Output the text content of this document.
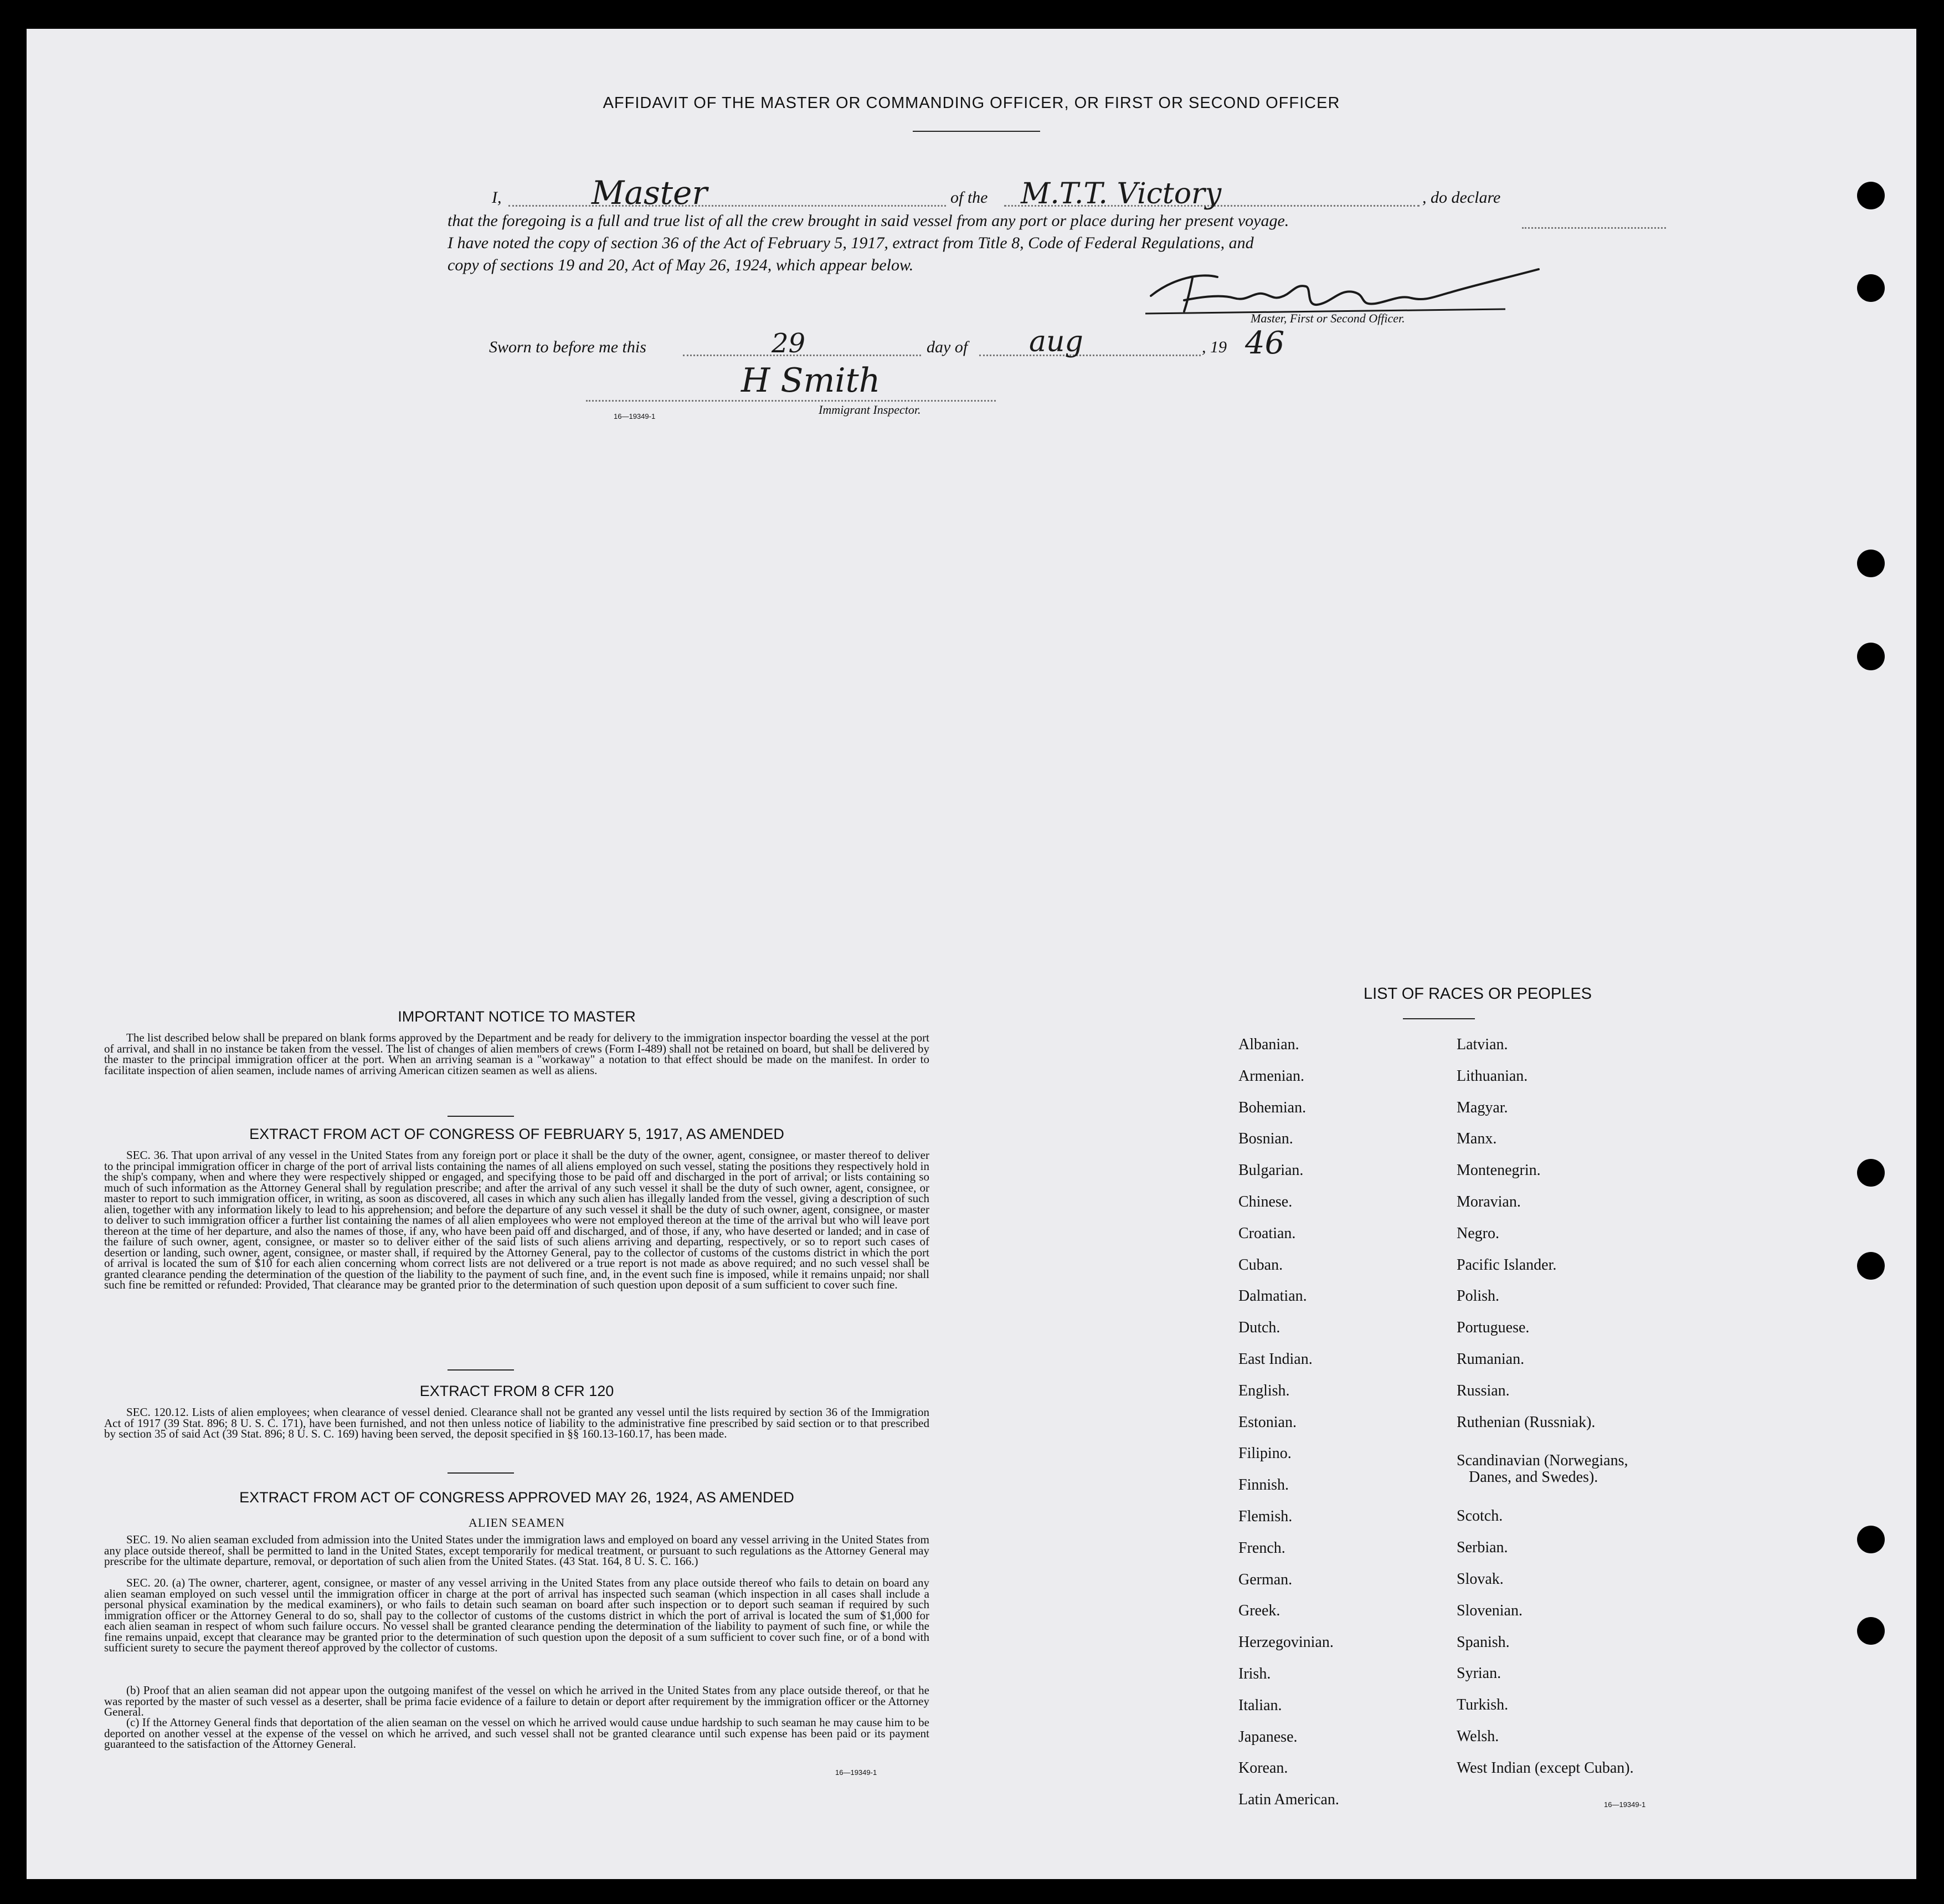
AFFIDAVIT OF THE MASTER OR COMMANDING OFFICER, OR FIRST OR SECOND OFFICER
I,	Master	of the M.T.T. Victory	, do declare
that the foregoing is a full and true list of all the crew brought in said vessel from any port or place during her present voyage.
I have noted the copy of section 36 of the Act of February 5, 1917, extract from Title 8, Code of Federal Regulations, and
copy of sections 19 and 20, Act of May 26, 1924, which appear below.
Master, First or Second Officer.
Sworn to before me this	29	day of aug	, 19 46
H Smith
Immigrant Inspector.
16—19349-1
IMPORTANT NOTICE TO MASTER
The list described below shall be prepared on blank forms approved by the Department and be ready for delivery to the immigration inspector boarding the vessel at the port of arrival, and shall in no instance be taken from the vessel. The list of changes of alien members of crews (Form I-489) shall not be retained on board, but shall be delivered by the master to the principal immigration officer at the port. When an arriving seaman is a "workaway" a notation to that effect should be made on the manifest. In order to facilitate inspection of alien seamen, include names of arriving American citizen seamen as well as aliens.
EXTRACT FROM ACT OF CONGRESS OF FEBRUARY 5, 1917, AS AMENDED
SEC. 36. That upon arrival of any vessel in the United States from any foreign port or place it shall be the duty of the owner, agent, consignee, or master thereof to deliver to the principal immigration officer in charge of the port of arrival lists containing the names of all aliens employed on such vessel, stating the positions they respectively hold in the ship's company, when and where they were respectively shipped or engaged, and specifying those to be paid off and discharged in the port of arrival; or lists containing so much of such information as the Attorney General shall by regulation prescribe; and after the arrival of any such vessel it shall be the duty of such owner, agent, consignee, or master to report to such immigration officer, in writing, as soon as discovered, all cases in which any such alien has illegally landed from the vessel, giving a description of such alien, together with any information likely to lead to his apprehension; and before the departure of any such vessel it shall be the duty of such owner, agent, consignee, or master to deliver to such immigration officer a further list containing the names of all alien employees who were not employed thereon at the time of the arrival but who will leave port thereon at the time of her departure, and also the names of those, if any, who have been paid off and discharged, and of those, if any, who have deserted or landed; and in case of the failure of such owner, agent, consignee, or master so to deliver either of the said lists of such aliens arriving and departing, respectively, or so to report such cases of desertion or landing, such owner, agent, consignee, or master shall, if required by the Attorney General, pay to the collector of customs of the customs district in which the port of arrival is located the sum of $10 for each alien concerning whom correct lists are not delivered or a true report is not made as above required; and no such vessel shall be granted clearance pending the determination of the question of the liability to the payment of such fine, and, in the event such fine is imposed, while it remains unpaid; nor shall such fine be remitted or refunded: Provided, That clearance may be granted prior to the determination of such question upon deposit of a sum sufficient to cover such fine.
EXTRACT FROM 8 CFR 120
SEC. 120.12. Lists of alien employees; when clearance of vessel denied. Clearance shall not be granted any vessel until the lists required by section 36 of the Immigration Act of 1917 (39 Stat. 896; 8 U. S. C. 171), have been furnished, and not then unless notice of liability to the administrative fine prescribed by said section or to that prescribed by section 35 of said Act (39 Stat. 896; 8 U. S. C. 169) having been served, the deposit specified in §§ 160.13-160.17, has been made.
EXTRACT FROM ACT OF CONGRESS APPROVED MAY 26, 1924, AS AMENDED
ALIEN SEAMEN
SEC. 19. No alien seaman excluded from admission into the United States under the immigration laws and employed on board any vessel arriving in the United States from any place outside thereof, shall be permitted to land in the United States, except temporarily for medical treatment, or pursuant to such regulations as the Attorney General may prescribe for the ultimate departure, removal, or deportation of such alien from the United States. (43 Stat. 164, 8 U. S. C. 166.)
SEC. 20. (a) The owner, charterer, agent, consignee, or master of any vessel arriving in the United States from any place outside thereof who fails to detain on board any alien seaman employed on such vessel until the immigration officer in charge at the port of arrival has inspected such seaman (which inspection in all cases shall include a personal physical examination by the medical examiners), or who fails to detain such seaman on board after such inspection or to deport such seaman if required by such immigration officer or the Attorney General to do so, shall pay to the collector of customs of the customs district in which the port of arrival is located the sum of $1,000 for each alien seaman in respect of whom such failure occurs. No vessel shall be granted clearance pending the determination of the liability to payment of such fine, or while the fine remains unpaid, except that clearance may be granted prior to the determination of such question upon the deposit of a sum sufficient to cover such fine, or of a bond with sufficient surety to secure the payment thereof approved by the collector of customs.
(b) Proof that an alien seaman did not appear upon the outgoing manifest of the vessel on which he arrived in the United States from any place outside thereof, or that he was reported by the master of such vessel as a deserter, shall be prima facie evidence of a failure to detain or deport after requirement by the immigration officer or the Attorney General.
(c) If the Attorney General finds that deportation of the alien seaman on the vessel on which he arrived would cause undue hardship to such seaman he may cause him to be deported on another vessel at the expense of the vessel on which he arrived, and such vessel shall not be granted clearance until such expense has been paid or its payment guaranteed to the satisfaction of the Attorney General.
16—19349-1
LIST OF RACES OR PEOPLES
Albanian.
Armenian.
Bohemian.
Bosnian.
Bulgarian.
Chinese.
Croatian.
Cuban.
Dalmatian.
Dutch.
East Indian.
English.
Estonian.
Filipino.
Finnish.
Flemish.
French.
German.
Greek.
Herzegovinian.
Irish.
Italian.
Japanese.
Korean.
Latin American.
Latvian.
Lithuanian.
Magyar.
Manx.
Montenegrin.
Moravian.
Negro.
Pacific Islander.
Polish.
Portuguese.
Rumanian.
Russian.
Ruthenian (Russniak).
Scandinavian (Norwegians,
Danes, and Swedes).
Scotch.
Serbian.
Slovak.
Slovenian.
Spanish.
Syrian.
Turkish.
Welsh.
West Indian (except Cuban).
16—19349-1
